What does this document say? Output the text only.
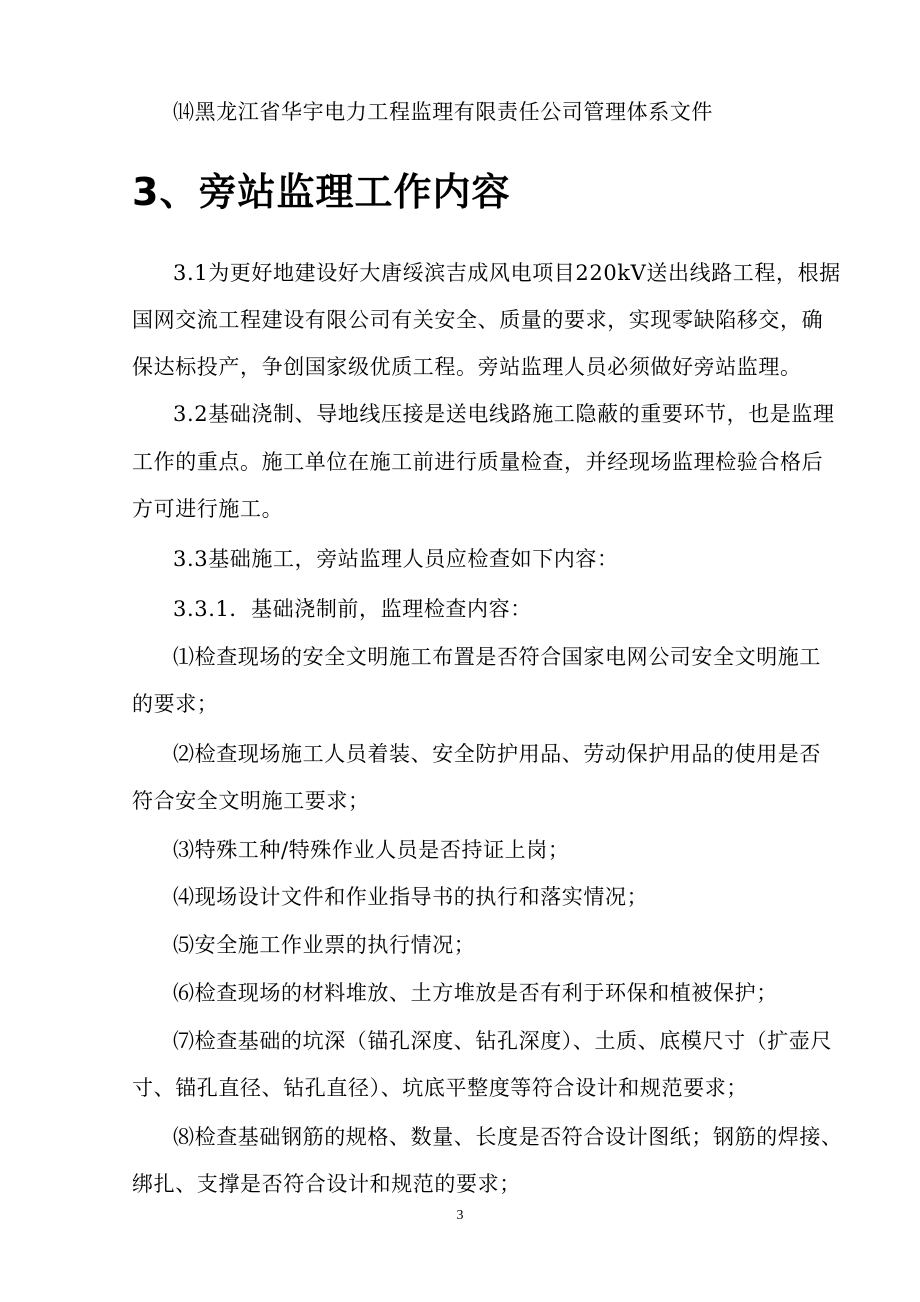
⒁黑龙江省华宇电力工程监理有限责任公司管理体系文件
3、旁站监理工作内容
3.1为更好地建设好大唐绥滨吉成风电项目220kV送出线路工程，根据
国网交流工程建设有限公司有关安全、质量的要求，实现零缺陷移交，确
保达标投产，争创国家级优质工程。旁站监理人员必须做好旁站监理。
3.2基础浇制、导地线压接是送电线路施工隐蔽的重要环节，也是监理
工作的重点。施工单位在施工前进行质量检查，并经现场监理检验合格后
方可进行施工。
3.3基础施工，旁站监理人员应检查如下内容：
3.3.1．基础浇制前，监理检查内容：
⑴检查现场的安全文明施工布置是否符合国家电网公司安全文明施工
的要求；
⑵检查现场施工人员着装、安全防护用品、劳动保护用品的使用是否
符合安全文明施工要求；
⑶特殊工种/特殊作业人员是否持证上岗；
⑷现场设计文件和作业指导书的执行和落实情况；
⑸安全施工作业票的执行情况；
⑹检查现场的材料堆放、土方堆放是否有利于环保和植被保护；
⑺检查基础的坑深（锚孔深度、钻孔深度）、土质、底模尺寸（扩壶尺
寸、锚孔直径、钻孔直径）、坑底平整度等符合设计和规范要求；
⑻检查基础钢筋的规格、数量、长度是否符合设计图纸；钢筋的焊接、
绑扎、支撑是否符合设计和规范的要求；
3
